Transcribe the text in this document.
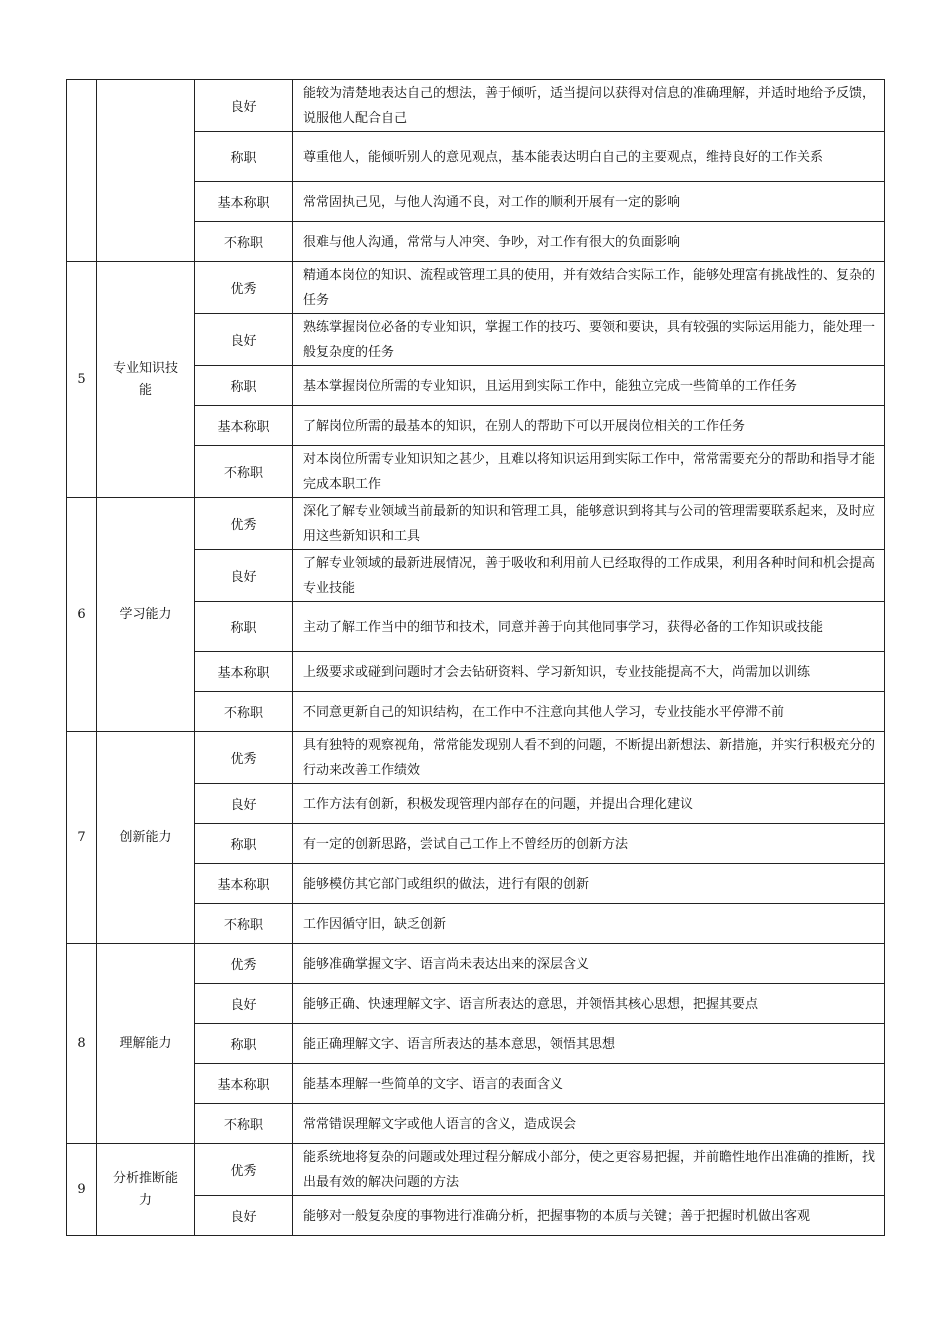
		良好	能较为清楚地表达自己的想法，善于倾听，适当提问以获得对信息的准确理解，并适时地给予反馈，说服他人配合自己
		称职	尊重他人，能倾听别人的意见观点，基本能表达明白自己的主要观点，维持良好的工作关系
		基本称职	常常固执己见，与他人沟通不良，对工作的顺利开展有一定的影响
		不称职	很难与他人沟通，常常与人冲突、争吵，对工作有很大的负面影响
5	专业知识技能	优秀	精通本岗位的知识、流程或管理工具的使用，并有效结合实际工作，能够处理富有挑战性的、复杂的任务
		良好	熟练掌握岗位必备的专业知识，掌握工作的技巧、要领和要诀，具有较强的实际运用能力，能处理一般复杂度的任务
		称职	基本掌握岗位所需的专业知识，且运用到实际工作中，能独立完成一些简单的工作任务
		基本称职	了解岗位所需的最基本的知识，在别人的帮助下可以开展岗位相关的工作任务
		不称职	对本岗位所需专业知识知之甚少，且难以将知识运用到实际工作中，常常需要充分的帮助和指导才能完成本职工作
6	学习能力	优秀	深化了解专业领域当前最新的知识和管理工具，能够意识到将其与公司的管理需要联系起来，及时应用这些新知识和工具
		良好	了解专业领域的最新进展情况，善于吸收和利用前人已经取得的工作成果，利用各种时间和机会提高专业技能
		称职	主动了解工作当中的细节和技术，同意并善于向其他同事学习，获得必备的工作知识或技能
		基本称职	上级要求或碰到问题时才会去钻研资料、学习新知识，专业技能提高不大，尚需加以训练
		不称职	不同意更新自己的知识结构，在工作中不注意向其他人学习，专业技能水平停滞不前
7	创新能力	优秀	具有独特的观察视角，常常能发现别人看不到的问题，不断提出新想法、新措施，并实行积极充分的行动来改善工作绩效
		良好	工作方法有创新，积极发现管理内部存在的问题，并提出合理化建议
		称职	有一定的创新思路，尝试自己工作上不曾经历的创新方法
		基本称职	能够模仿其它部门或组织的做法，进行有限的创新
		不称职	工作因循守旧，缺乏创新
8	理解能力	优秀	能够准确掌握文字、语言尚未表达出来的深层含义
		良好	能够正确、快速理解文字、语言所表达的意思，并领悟其核心思想，把握其要点
		称职	能正确理解文字、语言所表达的基本意思，领悟其思想
		基本称职	能基本理解一些简单的文字、语言的表面含义
		不称职	常常错误理解文字或他人语言的含义，造成误会
9	分析推断能力	优秀	能系统地将复杂的问题或处理过程分解成小部分，使之更容易把握，并前瞻性地作出准确的推断，找出最有效的解决问题的方法
		良好	能够对一般复杂度的事物进行准确分析，把握事物的本质与关键；善于把握时机做出客观
